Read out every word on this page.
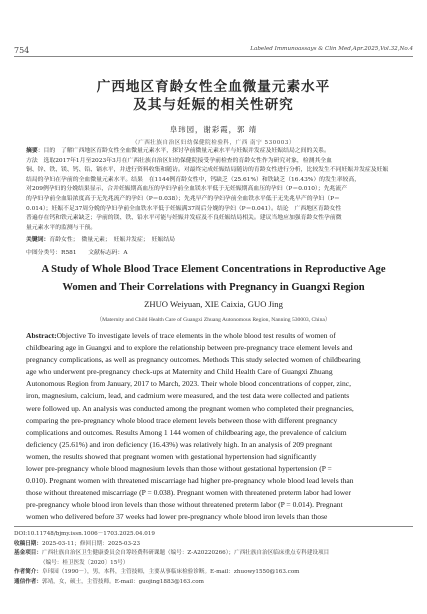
754	Labeled Immunoassays & Clin Med,Apr.2025,Vol.32,No.4
广西地区育龄女性全血微量元素水平
及其与妊娠的相关性研究
阜玮园，谢彩霞，郭 靖
（广西壮族自治区妇幼保健院检验科，广西 南宁 530003）
摘要：目的　了解广西地区育龄女性全血微量元素水平，探讨孕前微量元素水平与妊娠并发症及妊娠结局之间的关系。
方法　选取2017年1月至2023年3月在广西壮族自治区妇幼保健院接受孕前检查的育龄女性作为研究对象，检测其全血
铜、锌、铁、镁、钙、铅、镉水平，并进行资料收集和随访。对最终完成妊娠结局随访的育龄女性进行分析，比较发生不同妊娠并发症及妊娠
结局的孕妇在孕前的全血微量元素水平。结果　在1144例育龄女性中，钙缺乏（25.61%）和铁缺乏（16.43%）的发生率较高，
对209例孕妇的分娩结果显示，合并妊娠期高血压的孕妇孕前全血镁水平低于无妊娠期高血压的孕妇（P＝0.010）；先兆流产
的孕妇孕前全血铅浓度高于无先兆流产的孕妇（P＝0.038）；先兆早产的孕妇孕前全血铁水平低于无先兆早产的孕妇（P＝
0.014）；妊娠不足37周分娩的孕妇孕前全血铁水平低于妊娠满37周后分娩的孕妇（P＝0.041）。结论　广西地区育龄女性
普遍存在钙和铁元素缺乏；孕前的镁、铁、铅水平可能与妊娠并发症及不良妊娠结局相关。建议当地应加强育龄女性孕前微
量元素水平的监测与干预。
关键词：育龄女性；　微量元素；　妊娠并发症；　妊娠结局
中图分类号：R581　　文献标志码：A
A Study of Whole Blood Trace Element Concentrations in Reproductive Age
Women and Their Correlations with Pregnancy in Guangxi Region
ZHUO Weiyuan, XIE Caixia, GUO Jing
（Maternity and Child Health Care of Guangxi Zhuang Autonomous Region, Nanning 530003, China）
Abstract:Objective To investigate levels of trace elements in the whole blood test results of women of
childbearing age in Guangxi and to explore the relationship between pre-pregnancy trace element levels and
pregnancy complications, as well as pregnancy outcomes. Methods This study selected women of childbearing
age who underwent pre-pregnancy check-ups at Maternity and Child Health Care of Guangxi Zhuang
Autonomous Region from January, 2017 to March, 2023. Their whole blood concentrations of copper, zinc,
iron, magnesium, calcium, lead, and cadmium were measured, and the test data were collected and patients
were followed up. An analysis was conducted among the pregnant women who completed their pregnancies,
comparing the pre-pregnancy whole blood trace element levels between those with different pregnancy
complications and outcomes. Results Among 1 144 women of childbearing age, the prevalence of calcium
deficiency (25.61%) and iron deficiency (16.43%) was relatively high. In an analysis of 209 pregnant
women, the results showed that pregnant women with gestational hypertension had significantly
lower pre-pregnancy whole blood magnesium levels than those without gestational hypertension (P =
0.010). Pregnant women with threatened miscarriage had higher pre-pregnancy whole blood lead levels than
those without threatened miscarriage (P = 0.038). Pregnant women with threatened preterm labor had lower
pre-pregnancy whole blood iron levels than those without threatened preterm labor (P = 0.014). Pregnant
women who delivered before 37 weeks had lower pre-pregnancy whole blood iron levels than those
DOI:10.11748/bjmy.issn.1006－1703.2025.04.019
收稿日期：2025-03-11；修回日期：2025-03-23
基金项目：广西壮族自治区卫生健康委员会自筹经费科研课题（编号：Z-A20220266）；广西壮族自治区临床重点专科建设项目
（编号：桂卫医发〔2020〕15号）
作者简介：阜玮园（1990－），男，本科，主管技师，主要从事临床检验诊断。E-mail：zhuowy1550@163.com
通信作者：郭靖，女，硕士，主管技师。E-mail：guojing1883@163.com
